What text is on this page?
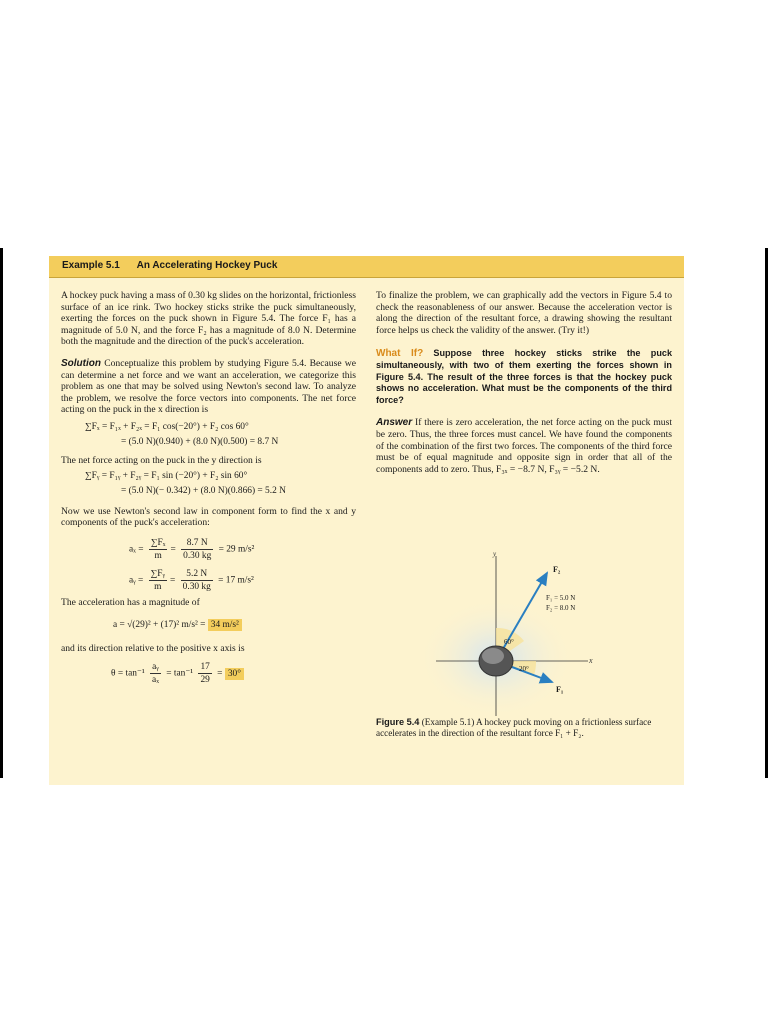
Example 5.1 An Accelerating Hockey Puck

A hockey puck having a mass of 0.30 kg slides on the horizontal, frictionless surface of an ice rink. Two hockey sticks strike the puck simultaneously, exerting the forces on the puck shown in Figure 5.4. The force F₁ has a magnitude of 5.0 N, and the force F₂ has a magnitude of 8.0 N. Determine both the magnitude and the direction of the puck's acceleration.

Solution Conceptualize this problem by studying Figure 5.4. Because we can determine a net force and we want an acceleration, we categorize this problem as one that may be solved using Newton's second law. To analyze the problem, we resolve the force vectors into components. The net force acting on the puck in the x direction is

∑Fₓ = F₁ₓ + F₂ₓ = F₁ cos(−20°) + F₂ cos 60°
= (5.0 N)(0.940) + (8.0 N)(0.500) = 8.7 N

The net force acting on the puck in the y direction is

∑Fᵧ = F₁ᵧ + F₂ᵧ = F₁ sin (−20°) + F₂ sin 60°
= (5.0 N)(− 0.342) + (8.0 N)(0.866) = 5.2 N

Now we use Newton's second law in component form to find the x and y components of the puck's acceleration:

$a_x = \frac{\text{∑Fₓ}}{m} = \frac{8.7 N}{0.30 kg} = 29$ m/s²
aᵧ = $\frac{\text{∑Fᵧ}}{m} = \frac{5.2 N}{0.30 kg} = 17$ m/s²

The acceleration has a magnitude of

a = √(29)² + (17)² m/s² = 34 m/s²

and its direction relative to the positive x axis is

$\theta = \tan^{-1} \frac{\text{aᵧ}}{\text{aₓ}} = \tan^{-1} \frac{17}{29} = 30^\circ$

To finalize the problem, we can graphically add the vectors in Figure 5.4 to check the reasonableness of our answer. Because the acceleration vector is along the direction of the resultant force, a drawing showing the resultant force helps us check the validity of the answer. (Try it!)

What If? Suppose three hockey sticks strike the puck simultaneously, with two of them exerting the forces shown in Figure 5.4. The result of the three forces is that the hockey puck shows no acceleration. What must be the components of the third force?

Answer If there is zero acceleration, the net force acting on the puck must be zero. Thus, the three forces must cancel. We have found the components of the combination of the first two forces. The components of the third force must be of equal magnitude and opposite sign in order that all of the components add to zero. Thus, F₃ₓ = −8.7 N, F₃ᵧ = −5.2 N.

y
x
F₂
F₁
F₁ = 5.0 N
F₂ = 8.0 N
60°
20°
Figure 5.4 (Example 5.1) A hockey puck moving on a frictionless surface accelerates in the direction of the resultant force F₁ + F₂.
